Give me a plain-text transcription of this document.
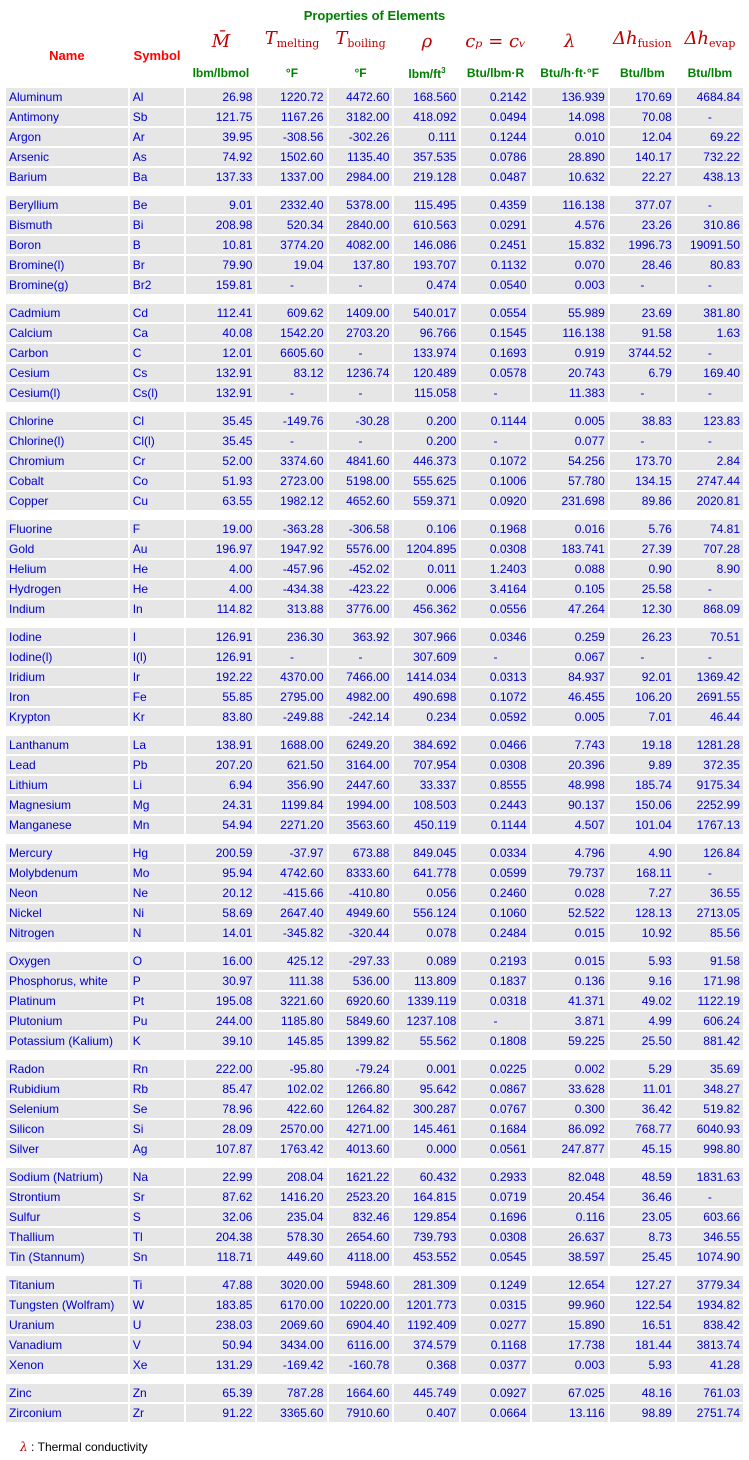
Properties of Elements									
Name	Symbol	M̄	$T_{melting}$	$T_{boiling}$	ρ	cₚ = cᵥ	λ	$\Delta h_{fusion}$	$\Delta h_{evap}$
		lbm/lbmol	°F	°F	lbm/$ft^3$	Btu/lbm·R	Btu/h·ft·°F	Btu/lbm	Btu/lbm
Aluminum	Al	26.98	1220.72	4472.60	168.560	0.2142	136.939	170.69	4684.84
Antimony	Sb	121.75	1167.26	3182.00	418.092	0.0494	14.098	70.08	-
Argon	Ar	39.95	-308.56	-302.26	0.111	0.1244	0.010	12.04	69.22
Arsenic	As	74.92	1502.60	1135.40	357.535	0.0786	28.890	140.17	732.22
Barium	Ba	137.33	1337.00	2984.00	219.128	0.0487	10.632	22.27	438.13

Beryllium	Be	9.01	2332.40	5378.00	115.495	0.4359	116.138	377.07	-
Bismuth	Bi	208.98	520.34	2840.00	610.563	0.0291	4.576	23.26	310.86
Boron	B	10.81	3774.20	4082.00	146.086	0.2451	15.832	1996.73	19091.50
Bromine(l)	Br	79.90	19.04	137.80	193.707	0.1132	0.070	28.46	80.83
Bromine(g)	Br2	159.81	-	-	0.474	0.0540	0.003	-	-

Cadmium	Cd	112.41	609.62	1409.00	540.017	0.0554	55.989	23.69	381.80
Calcium	Ca	40.08	1542.20	2703.20	96.766	0.1545	116.138	91.58	1.63
Carbon	C	12.01	6605.60	-	133.974	0.1693	0.919	3744.52	-
Cesium	Cs	132.91	83.12	1236.74	120.489	0.0578	20.743	6.79	169.40
Cesium(l)	Cs(l)	132.91	-	-	115.058	-	11.383	-	-

Chlorine	Cl	35.45	-149.76	-30.28	0.200	0.1144	0.005	38.83	123.83
Chlorine(l)	Cl(l)	35.45	-	-	0.200	-	0.077	-	-
Chromium	Cr	52.00	3374.60	4841.60	446.373	0.1072	54.256	173.70	2.84
Cobalt	Co	51.93	2723.00	5198.00	555.625	0.1006	57.780	134.15	2747.44
Copper	Cu	63.55	1982.12	4652.60	559.371	0.0920	231.698	89.86	2020.81

Fluorine	F	19.00	-363.28	-306.58	0.106	0.1968	0.016	5.76	74.81
Gold	Au	196.97	1947.92	5576.00	1204.895	0.0308	183.741	27.39	707.28
Helium	He	4.00	-457.96	-452.02	0.011	1.2403	0.088	0.90	8.90
Hydrogen	He	4.00	-434.38	-423.22	0.006	3.4164	0.105	25.58	-
Indium	In	114.82	313.88	3776.00	456.362	0.0556	47.264	12.30	868.09

Iodine	I	126.91	236.30	363.92	307.966	0.0346	0.259	26.23	70.51
Iodine(l)	I(l)	126.91	-	-	307.609	-	0.067	-	-
Iridium	Ir	192.22	4370.00	7466.00	1414.034	0.0313	84.937	92.01	1369.42
Iron	Fe	55.85	2795.00	4982.00	490.698	0.1072	46.455	106.20	2691.55
Krypton	Kr	83.80	-249.88	-242.14	0.234	0.0592	0.005	7.01	46.44

Lanthanum	La	138.91	1688.00	6249.20	384.692	0.0466	7.743	19.18	1281.28
Lead	Pb	207.20	621.50	3164.00	707.954	0.0308	20.396	9.89	372.35
Lithium	Li	6.94	356.90	2447.60	33.337	0.8555	48.998	185.74	9175.34
Magnesium	Mg	24.31	1199.84	1994.00	108.503	0.2443	90.137	150.06	2252.99
Manganese	Mn	54.94	2271.20	3563.60	450.119	0.1144	4.507	101.04	1767.13

Mercury	Hg	200.59	-37.97	673.88	849.045	0.0334	4.796	4.90	126.84
Molybdenum	Mo	95.94	4742.60	8333.60	641.778	0.0599	79.737	168.11	-
Neon	Ne	20.12	-415.66	-410.80	0.056	0.2460	0.028	7.27	36.55
Nickel	Ni	58.69	2647.40	4949.60	556.124	0.1060	52.522	128.13	2713.05
Nitrogen	N	14.01	-345.82	-320.44	0.078	0.2484	0.015	10.92	85.56

Oxygen	O	16.00	425.12	-297.33	0.089	0.2193	0.015	5.93	91.58
Phosphorus, white	P	30.97	111.38	536.00	113.809	0.1837	0.136	9.16	171.98
Platinum	Pt	195.08	3221.60	6920.60	1339.119	0.0318	41.371	49.02	1122.19
Plutonium	Pu	244.00	1185.80	5849.60	1237.108	-	3.871	4.99	606.24
Potassium (Kalium)	K	39.10	145.85	1399.82	55.562	0.1808	59.225	25.50	881.42

Radon	Rn	222.00	-95.80	-79.24	0.001	0.0225	0.002	5.29	35.69
Rubidium	Rb	85.47	102.02	1266.80	95.642	0.0867	33.628	11.01	348.27
Selenium	Se	78.96	422.60	1264.82	300.287	0.0767	0.300	36.42	519.82
Silicon	Si	28.09	2570.00	4271.00	145.461	0.1684	86.092	768.77	6040.93
Silver	Ag	107.87	1763.42	4013.60	0.000	0.0561	247.877	45.15	998.80

Sodium (Natrium)	Na	22.99	208.04	1621.22	60.432	0.2933	82.048	48.59	1831.63
Strontium	Sr	87.62	1416.20	2523.20	164.815	0.0719	20.454	36.46	-
Sulfur	S	32.06	235.04	832.46	129.854	0.1696	0.116	23.05	603.66
Thallium	Tl	204.38	578.30	2654.60	739.793	0.0308	26.637	8.73	346.55
Tin (Stannum)	Sn	118.71	449.60	4118.00	453.552	0.0545	38.597	25.45	1074.90

Titanium	Ti	47.88	3020.00	5948.60	281.309	0.1249	12.654	127.27	3779.34
Tungsten (Wolfram)	W	183.85	6170.00	10220.00	1201.773	0.0315	99.960	122.54	1934.82
Uranium	U	238.03	2069.60	6904.40	1192.409	0.0277	15.890	16.51	838.42
Vanadium	V	50.94	3434.00	6116.00	374.579	0.1168	17.738	181.44	3813.74
Xenon	Xe	131.29	-169.42	-160.78	0.368	0.0377	0.003	5.93	41.28

Zinc	Zn	65.39	787.28	1664.60	445.749	0.0927	67.025	48.16	761.03
Zirconium	Zr	91.22	3365.60	7910.60	0.407	0.0664	13.116	98.89	2751.74
λ : Thermal conductivity
